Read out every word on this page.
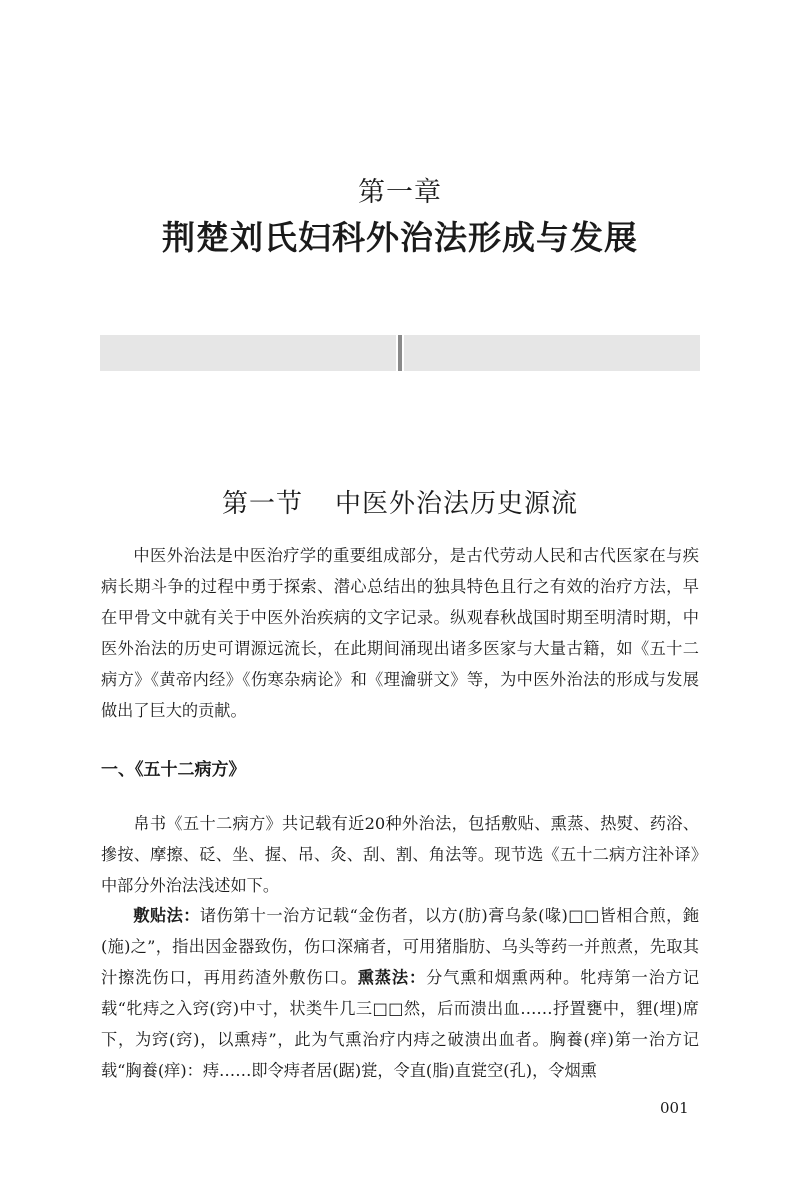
第一章
荆楚刘氏妇科外治法形成与发展
第一节 中医外治法历史源流

中医外治法是中医治疗学的重要组成部分，是古代劳动人民和古代医家在与疾病长期斗争的过程中勇于探索、潜心总结出的独具特色且行之有效的治疗方法，早在甲骨文中就有关于中医外治疾病的文字记录。纵观春秋战国时期至明清时期，中医外治法的历史可谓源远流长，在此期间涌现出诸多医家与大量古籍，如《五十二病方》《黄帝内经》《伤寒杂病论》和《理瀹骈文》等，为中医外治法的形成与发展做出了巨大的贡献。

一、《五十二病方》

帛书《五十二病方》共记载有近20种外治法，包括敷贴、熏蒸、热熨、药浴、摻按、摩擦、砭、坐、握、吊、灸、刮、割、角法等。现节选《五十二病方注补译》中部分外治法浅述如下。

敷贴法：诸伤第十一治方记载“金伤者，以方(肪)膏乌彖(喙)□□皆相合煎，鉇(施)之”，指出因金器致伤，伤口深痛者，可用猪脂肪、乌头等药一并煎煮，先取其汁擦洗伤口，再用药渣外敷伤口。熏蒸法：分气熏和烟熏两种。牝痔第一治方记载“牝痔之入窍(窍)中寸，状类牛几三□□然，后而溃出血……抒置甕中，貍(埋)席下，为窍(窍)，以熏痔”，此为气熏治疗内痔之破溃出血者。胸養(痒)第一治方记载“胸養(痒)：痔……即令痔者居(踞)瓽，令直(脂)直瓽空(孔)，令烟熏

001
